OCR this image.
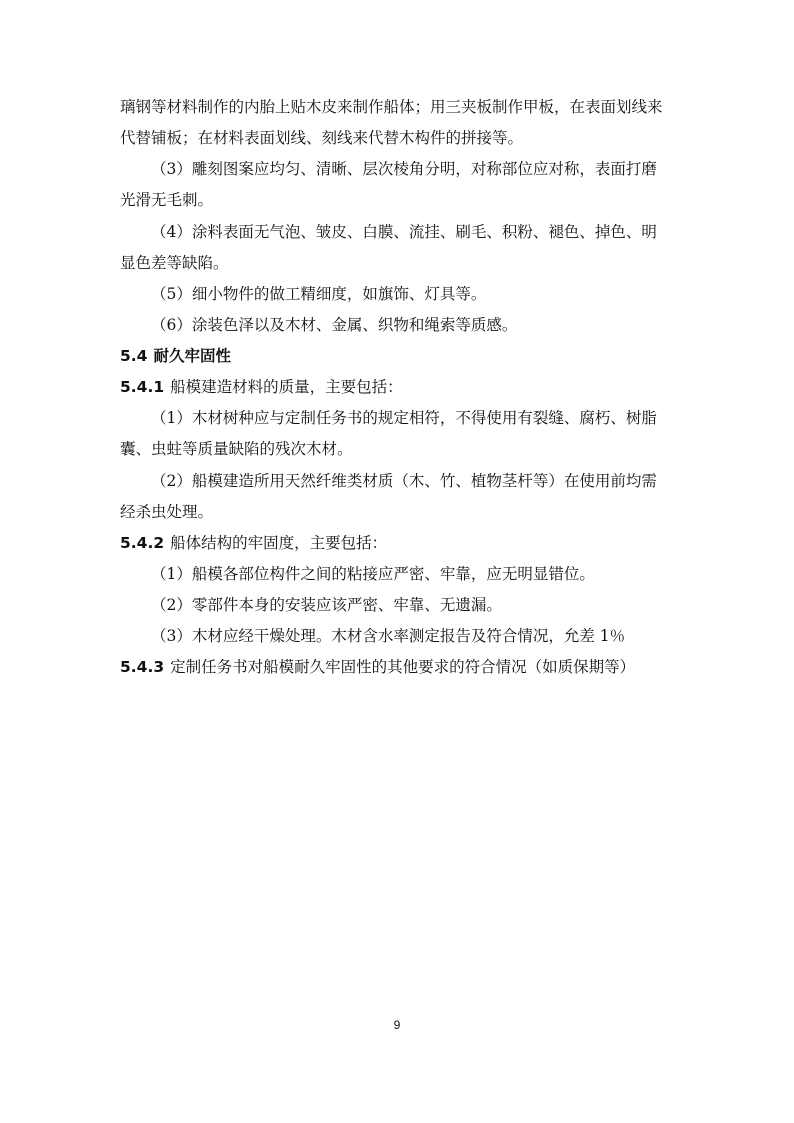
璃钢等材料制作的内胎上贴木皮来制作船体；用三夹板制作甲板，在表面划线来
代替铺板；在材料表面划线、刻线来代替木构件的拼接等。
（3）雕刻图案应均匀、清晰、层次棱角分明，对称部位应对称，表面打磨
光滑无毛刺。
（4）涂料表面无气泡、皱皮、白膜、流挂、刷毛、积粉、褪色、掉色、明
显色差等缺陷。
（5）细小物件的做工精细度，如旗饰、灯具等。
（6）涂装色泽以及木材、金属、织物和绳索等质感。
5.4 耐久牢固性
5.4.1 船模建造材料的质量，主要包括：
（1）木材树种应与定制任务书的规定相符，不得使用有裂缝、腐朽、树脂
囊、虫蛀等质量缺陷的残次木材。
（2）船模建造所用天然纤维类材质（木、竹、植物茎杆等）在使用前均需
经杀虫处理。
5.4.2 船体结构的牢固度，主要包括：
（1）船模各部位构件之间的粘接应严密、牢靠，应无明显错位。
（2）零部件本身的安装应该严密、牢靠、无遗漏。
（3）木材应经干燥处理。木材含水率测定报告及符合情况，允差 1％
5.4.3 定制任务书对船模耐久牢固性的其他要求的符合情况（如质保期等）
9
